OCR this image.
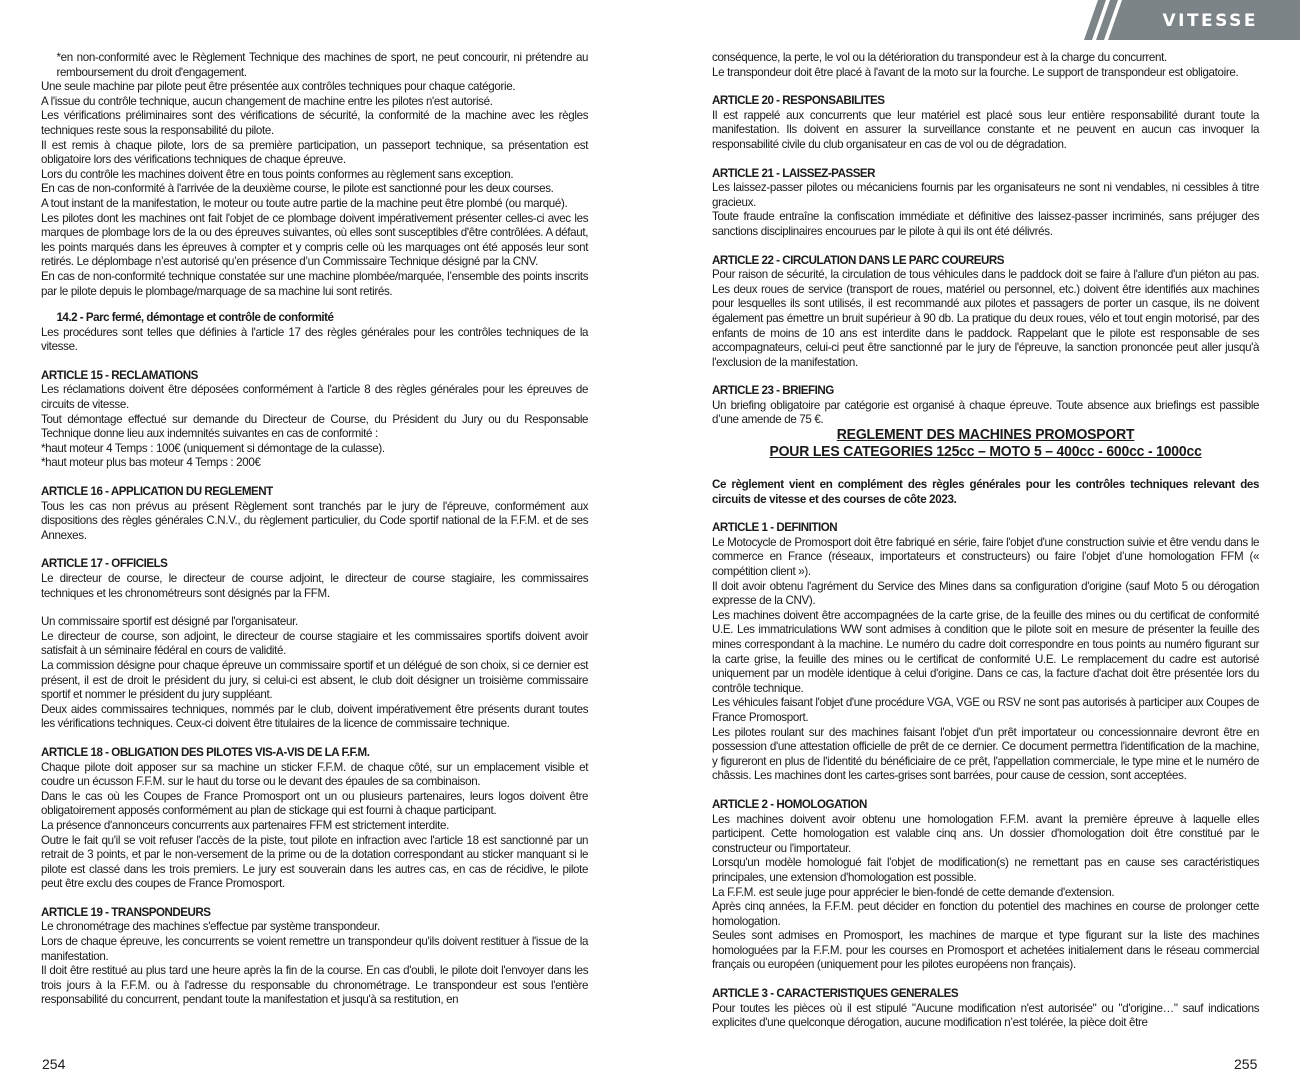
VITESSE

*en non-conformité avec le Règlement Technique des machines de sport, ne peut concourir, ni prétendre au remboursement du droit d'engagement.

Une seule machine par pilote peut être présentée aux contrôles techniques pour chaque catégorie.

A l'issue du contrôle technique, aucun changement de machine entre les pilotes n'est autorisé.

Les vérifications préliminaires sont des vérifications de sécurité, la conformité de la machine avec les règles techniques reste sous la responsabilité du pilote.

Il est remis à chaque pilote, lors de sa première participation, un passeport technique, sa présentation est obligatoire lors des vérifications techniques de chaque épreuve.

Lors du contrôle les machines doivent être en tous points conformes au règlement sans exception.

En cas de non-conformité à l'arrivée de la deuxième course, le pilote est sanctionné pour les deux courses.

A tout instant de la manifestation, le moteur ou toute autre partie de la machine peut être plombé (ou marqué).

Les pilotes dont les machines ont fait l'objet de ce plombage doivent impérativement présenter celles-ci avec les marques de plombage lors de la ou des épreuves suivantes, où elles sont susceptibles d'être contrôlées. A défaut, les points marqués dans les épreuves à compter et y compris celle où les marquages ont été apposés leur sont retirés. Le déplombage n’est autorisé qu’en présence d’un Commissaire Technique désigné par la CNV.

En cas de non-conformité technique constatée sur une machine plombée/marquée, l’ensemble des points inscrits par le pilote depuis le plombage/marquage de sa machine lui sont retirés.

14.2 - Parc fermé, démontage et contrôle de conformité

Les procédures sont telles que définies à l'article 17 des règles générales pour les contrôles techniques de la vitesse.

ARTICLE 15 - RECLAMATIONS

Les réclamations doivent être déposées conformément à l'article 8 des règles générales pour les épreuves de circuits de vitesse.

Tout démontage effectué sur demande du Directeur de Course, du Président du Jury ou du Responsable Technique donne lieu aux indemnités suivantes en cas de conformité :

*haut moteur 4 Temps : 100€ (uniquement si démontage de la culasse).

*haut moteur plus bas moteur 4 Temps : 200€

ARTICLE 16 - APPLICATION DU REGLEMENT

Tous les cas non prévus au présent Règlement sont tranchés par le jury de l'épreuve, conformément aux dispositions des règles générales C.N.V., du règlement particulier, du Code sportif national de la F.F.M. et de ses Annexes.

ARTICLE 17 - OFFICIELS

Le directeur de course, le directeur de course adjoint, le directeur de course stagiaire, les commissaires techniques et les chronométreurs sont désignés par la FFM.

Un commissaire sportif est désigné par l'organisateur.

Le directeur de course, son adjoint, le directeur de course stagiaire et les commissaires sportifs doivent avoir satisfait à un séminaire fédéral en cours de validité.

La commission désigne pour chaque épreuve un commissaire sportif et un délégué de son choix, si ce dernier est présent, il est de droit le président du jury, si celui-ci est absent, le club doit désigner un troisième commissaire sportif et nommer le président du jury suppléant.

Deux aides commissaires techniques, nommés par le club, doivent impérativement être présents durant toutes les vérifications techniques. Ceux-ci doivent être titulaires de la licence de commissaire technique.

ARTICLE 18 - OBLIGATION DES PILOTES VIS-A-VIS DE LA F.F.M.

Chaque pilote doit apposer sur sa machine un sticker F.F.M. de chaque côté, sur un emplacement visible et coudre un écusson F.F.M. sur le haut du torse ou le devant des épaules de sa combinaison.

Dans le cas où les Coupes de France Promosport ont un ou plusieurs partenaires, leurs logos doivent être obligatoirement apposés conformément au plan de stickage qui est fourni à chaque participant.

La présence d'annonceurs concurrents aux partenaires FFM est strictement interdite.

Outre le fait qu'il se voit refuser l'accès de la piste, tout pilote en infraction avec l'article 18 est sanctionné par un retrait de 3 points, et par le non-versement de la prime ou de la dotation correspondant au sticker manquant si le pilote est classé dans les trois premiers. Le jury est souverain dans les autres cas, en cas de récidive, le pilote peut être exclu des coupes de France Promosport.

ARTICLE 19 - TRANSPONDEURS

Le chronométrage des machines s'effectue par système transpondeur.

Lors de chaque épreuve, les concurrents se voient remettre un transpondeur qu'ils doivent restituer à l'issue de la manifestation.

Il doit être restitué au plus tard une heure après la fin de la course. En cas d'oubli, le pilote doit l'envoyer dans les trois jours à la F.F.M. ou à l'adresse du responsable du chronométrage. Le transpondeur est sous l'entière responsabilité du concurrent, pendant toute la manifestation et jusqu'à sa restitution, en

254

conséquence, la perte, le vol ou la détérioration du transpondeur est à la charge du concurrent.

Le transpondeur doit être placé à l'avant de la moto sur la fourche. Le support de transpondeur est obligatoire.

ARTICLE 20 - RESPONSABILITES

Il est rappelé aux concurrents que leur matériel est placé sous leur entière responsabilité durant toute la manifestation. Ils doivent en assurer la surveillance constante et ne peuvent en aucun cas invoquer la responsabilité civile du club organisateur en cas de vol ou de dégradation.

ARTICLE 21 - LAISSEZ-PASSER

Les laissez-passer pilotes ou mécaniciens fournis par les organisateurs ne sont ni vendables, ni cessibles à titre gracieux.

Toute fraude entraîne la confiscation immédiate et définitive des laissez-passer incriminés, sans préjuger des sanctions disciplinaires encourues par le pilote à qui ils ont été délivrés.

ARTICLE 22 - CIRCULATION DANS LE PARC COUREURS

Pour raison de sécurité, la circulation de tous véhicules dans le paddock doit se faire à l'allure d'un piéton au pas. Les deux roues de service (transport de roues, matériel ou personnel, etc.) doivent être identifiés aux machines pour lesquelles ils sont utilisés, il est recommandé aux pilotes et passagers de porter un casque, ils ne doivent également pas émettre un bruit supérieur à 90 db. La pratique du deux roues, vélo et tout engin motorisé, par des enfants de moins de 10 ans est interdite dans le paddock. Rappelant que le pilote est responsable de ses accompagnateurs, celui-ci peut être sanctionné par le jury de l'épreuve, la sanction prononcée peut aller jusqu'à l'exclusion de la manifestation.

ARTICLE 23 - BRIEFING

Un briefing obligatoire par catégorie est organisé à chaque épreuve. Toute absence aux briefings est passible d’une amende de 75 €.

REGLEMENT DES MACHINES PROMOSPORT

POUR LES CATEGORIES 125cc – MOTO 5 – 400cc - 600cc - 1000cc

Ce règlement vient en complément des règles générales pour les contrôles techniques relevant des circuits de vitesse et des courses de côte 2023.

ARTICLE 1 - DEFINITION

Le Motocycle de Promosport doit être fabriqué en série, faire l'objet d'une construction suivie et être vendu dans le commerce en France (réseaux, importateurs et constructeurs) ou faire l’objet d’une homologation FFM (« compétition client »).

Il doit avoir obtenu l'agrément du Service des Mines dans sa configuration d'origine (sauf Moto 5 ou dérogation expresse de la CNV).

Les machines doivent être accompagnées de la carte grise, de la feuille des mines ou du certificat de conformité U.E. Les immatriculations WW sont admises à condition que le pilote soit en mesure de présenter la feuille des mines correspondant à la machine. Le numéro du cadre doit correspondre en tous points au numéro figurant sur la carte grise, la feuille des mines ou le certificat de conformité U.E. Le remplacement du cadre est autorisé uniquement par un modèle identique à celui d'origine. Dans ce cas, la facture d'achat doit être présentée lors du contrôle technique.

Les véhicules faisant l'objet d'une procédure VGA, VGE ou RSV ne sont pas autorisés à participer aux Coupes de France Promosport.

Les pilotes roulant sur des machines faisant l'objet d'un prêt importateur ou concessionnaire devront être en possession d'une attestation officielle de prêt de ce dernier. Ce document permettra l'identification de la machine, y figureront en plus de l'identité du bénéficiaire de ce prêt, l'appellation commerciale, le type mine et le numéro de châssis. Les machines dont les cartes-grises sont barrées, pour cause de cession, sont acceptées.

ARTICLE 2 - HOMOLOGATION

Les machines doivent avoir obtenu une homologation F.F.M. avant la première épreuve à laquelle elles participent. Cette homologation est valable cinq ans. Un dossier d'homologation doit être constitué par le constructeur ou l'importateur.

Lorsqu'un modèle homologué fait l'objet de modification(s) ne remettant pas en cause ses caractéristiques principales, une extension d'homologation est possible.

La F.F.M. est seule juge pour apprécier le bien-fondé de cette demande d'extension.

Après cinq années, la F.F.M. peut décider en fonction du potentiel des machines en course de prolonger cette homologation.

Seules sont admises en Promosport, les machines de marque et type figurant sur la liste des machines homologuées par la F.F.M. pour les courses en Promosport et achetées initialement dans le réseau commercial français ou européen (uniquement pour les pilotes européens non français).

ARTICLE 3 - CARACTERISTIQUES GENERALES

Pour toutes les pièces où il est stipulé "Aucune modification n'est autorisée" ou "d'origine…" sauf indications explicites d'une quelconque dérogation, aucune modification n’est tolérée, la pièce doit être

255
